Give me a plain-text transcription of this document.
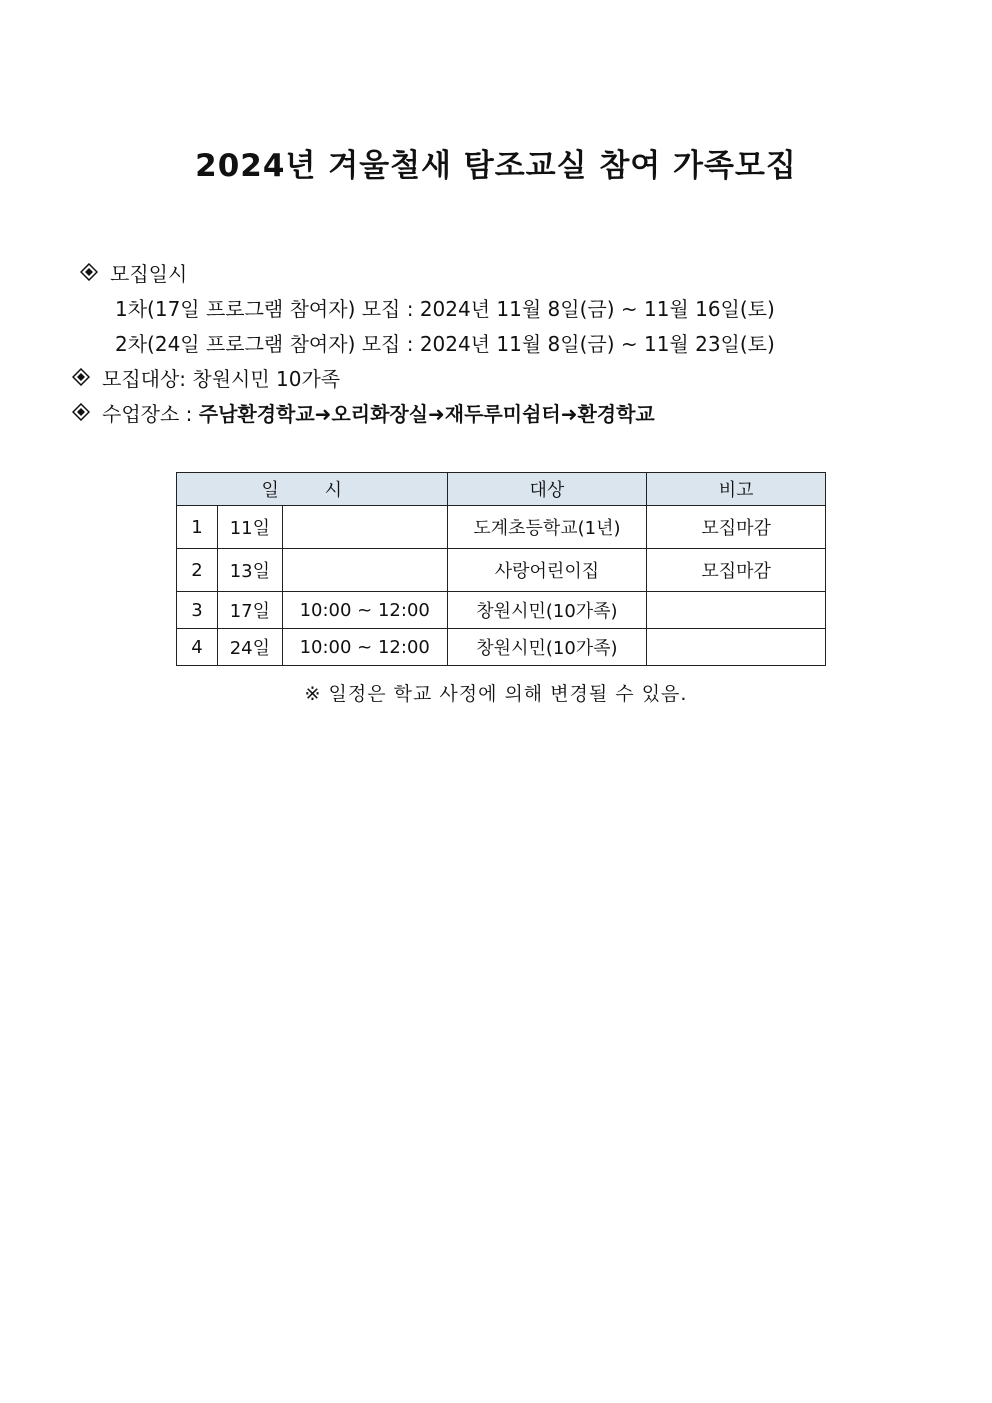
2024년 겨울철새 탐조교실 참여 가족모집
모집일시
1차(17일 프로그램 참여자) 모집 : 2024년 11월 8일(금) ~ 11월 16일(토)
2차(24일 프로그램 참여자) 모집 : 2024년 11월 8일(금) ~ 11월 23일(토)
모집대상: 창원시민 10가족
수업장소 : 주남환경학교➜오리화장실➜재두루미쉼터➜환경학교
일 시			대상	비고
1	11일		도계초등학교(1년)	모집마감
2	13일		사랑어린이집	모집마감
3	17일	10:00 ~ 12:00	창원시민(10가족)	
4	24일	10:00 ~ 12:00	창원시민(10가족)	
※ 일정은 학교 사정에 의해 변경될 수 있음.
